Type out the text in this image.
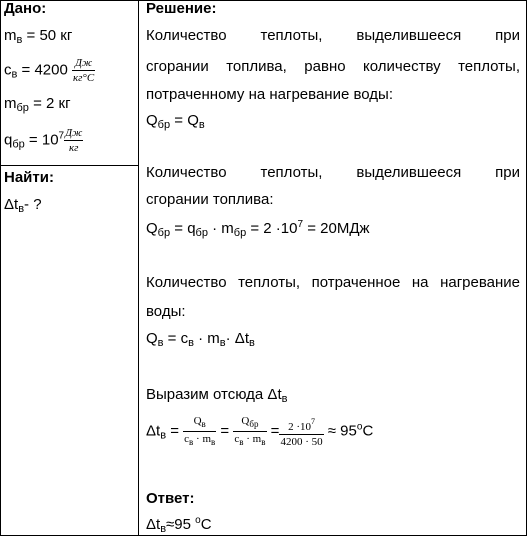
Дано:
$m_в = 50$ кг
$c_в = 4200 \frac{Дж}{кг^\circ C}$
$m_{бр} = 2$ кг
$q_{бр} = 10^7 \frac{Дж}{кг}$
Найти:
$\Delta t_в-$ ?
Решение:
Количество теплоты, выделившееся при
сгорании топлива, равно количеству теплоты,
потраченному на нагревание воды:
$Q_{бр} = Q_в$
Количество теплоты, выделившееся при
сгорании топлива:
$Q_{бр} = q_{бр} \cdot m_{бр} = 2 \cdot 10^7 = 20МДж$
Количество теплоты, потраченное на нагревание
воды:
$Q_в = c_в \cdot m_в\cdot \Delta t_в$
Выразим отсюда $\Delta t_в$
$\Delta t_в = \frac{Q_в}{c_в \cdot m_в} = \frac{Q_{бр}}{c_в \cdot m_в} = \frac{2 \cdot 10^7}{4200 \cdot 50} \approx 95^oC$
Ответ:
$\Delta t_в\approx 95$ $^o$C
